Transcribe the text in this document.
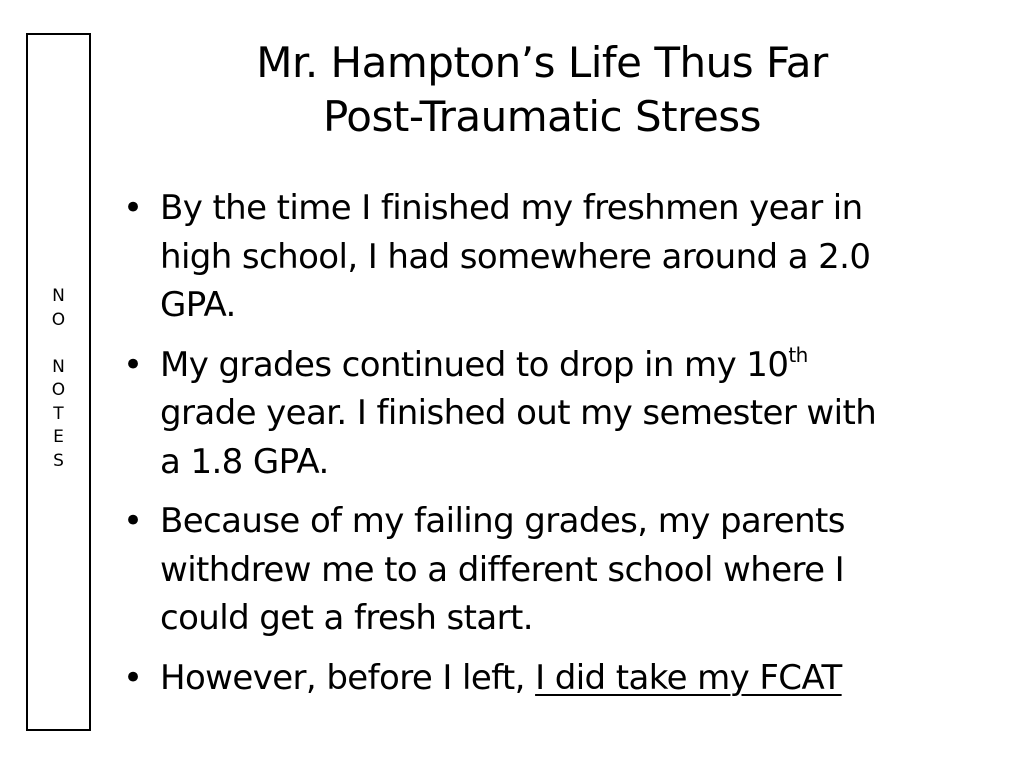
N
O
N
O
T
E
S
Mr. Hampton’s Life Thus Far
Post-Traumatic Stress
• By the time I finished my freshmen year in
high school, I had somewhere around a 2.0
GPA.
• My grades continued to drop in my 10th
grade year. I finished out my semester with
a 1.8 GPA.
• Because of my failing grades, my parents
withdrew me to a different school where I
could get a fresh start.
• However, before I left, I did take my FCAT
